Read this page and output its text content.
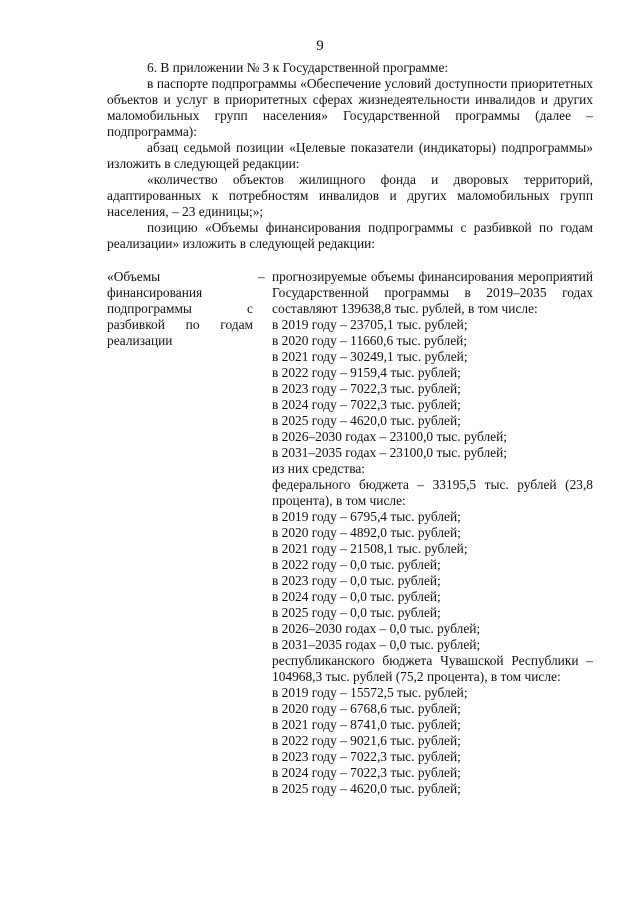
9

6. В приложении № 3 к Государственной программе:

в паспорте подпрограммы «Обеспечение условий доступности приоритетных объектов и услуг в приоритетных сферах жизнедеятельности инвалидов и других маломобильных групп населения» Государственной программы (далее – подпрограмма):

абзац седьмой позиции «Целевые показатели (индикаторы) подпрограммы» изложить в следующей редакции:

«количество объектов жилищного фонда и дворовых территорий, адаптированных к потребностям инвалидов и других маломобильных групп населения, – 23 единицы;»;

позицию «Объемы финансирования подпрограммы с разбивкой по годам реализации» изложить в следующей редакции:

«Объемы финансирования подпрограммы с разбивкой по годам реализации
– прогнозируемые объемы финансирования мероприятий Государственной программы в 2019–2035 годах составляют 139638,8 тыс. рублей, в том числе:
в 2019 году – 23705,1 тыс. рублей;
в 2020 году – 11660,6 тыс. рублей;
в 2021 году – 30249,1 тыс. рублей;
в 2022 году – 9159,4 тыс. рублей;
в 2023 году – 7022,3 тыс. рублей;
в 2024 году – 7022,3 тыс. рублей;
в 2025 году – 4620,0 тыс. рублей;
в 2026–2030 годах – 23100,0 тыс. рублей;
в 2031–2035 годах – 23100,0 тыс. рублей;
из них средства:
федерального бюджета – 33195,5 тыс. рублей (23,8 процента), в том числе:
в 2019 году – 6795,4 тыс. рублей;
в 2020 году – 4892,0 тыс. рублей;
в 2021 году – 21508,1 тыс. рублей;
в 2022 году – 0,0 тыс. рублей;
в 2023 году – 0,0 тыс. рублей;
в 2024 году – 0,0 тыс. рублей;
в 2025 году – 0,0 тыс. рублей;
в 2026–2030 годах – 0,0 тыс. рублей;
в 2031–2035 годах – 0,0 тыс. рублей;
республиканского бюджета Чувашской Республики – 104968,3 тыс. рублей (75,2 процента), в том числе:
в 2019 году – 15572,5 тыс. рублей;
в 2020 году – 6768,6 тыс. рублей;
в 2021 году – 8741,0 тыс. рублей;
в 2022 году – 9021,6 тыс. рублей;
в 2023 году – 7022,3 тыс. рублей;
в 2024 году – 7022,3 тыс. рублей;
в 2025 году – 4620,0 тыс. рублей;
